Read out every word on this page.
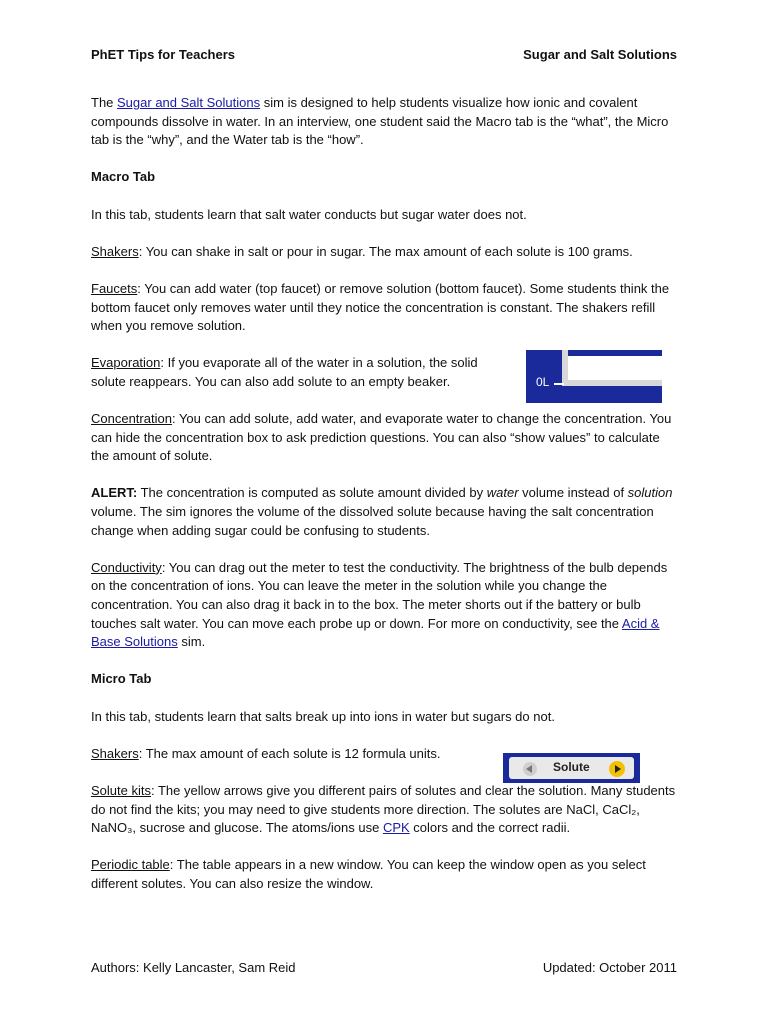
PhET Tips for Teachers	Sugar and Salt Solutions

The Sugar and Salt Solutions sim is designed to help students visualize how ionic and covalent compounds dissolve in water. In an interview, one student said the Macro tab is the “what”, the Micro tab is the “why”, and the Water tab is the “how”.

Macro Tab

In this tab, students learn that salt water conducts but sugar water does not.

Shakers: You can shake in salt or pour in sugar. The max amount of each solute is 100 grams.

Faucets: You can add water (top faucet) or remove solution (bottom faucet). Some students think the bottom faucet only removes water until they notice the concentration is constant. The shakers refill when you remove solution.

Evaporation: If you evaporate all of the water in a solution, the solid solute reappears. You can also add solute to an empty beaker.

Concentration: You can add solute, add water, and evaporate water to change the concentration. You can hide the concentration box to ask prediction questions. You can also “show values” to calculate the amount of solute.

ALERT: The concentration is computed as solute amount divided by water volume instead of solution volume. The sim ignores the volume of the dissolved solute because having the salt concentration change when adding sugar could be confusing to students.

Conductivity: You can drag out the meter to test the conductivity. The brightness of the bulb depends on the concentration of ions. You can leave the meter in the solution while you change the concentration. You can also drag it back in to the box. The meter shorts out if the battery or bulb touches salt water. You can move each probe up or down. For more on conductivity, see the Acid & Base Solutions sim.

Micro Tab

In this tab, students learn that salts break up into ions in water but sugars do not.

Shakers: The max amount of each solute is 12 formula units.

Solute kits: The yellow arrows give you different pairs of solutes and clear the solution. Many students do not find the kits; you may need to give students more direction. The solutes are NaCl, CaCl₂, NaNO₃, sucrose and glucose. The atoms/ions use CPK colors and the correct radii.

Periodic table: The table appears in a new window. You can keep the window open as you select different solutes. You can also resize the window.

0L
Solute
Authors: Kelly Lancaster, Sam Reid	Updated: October 2011
